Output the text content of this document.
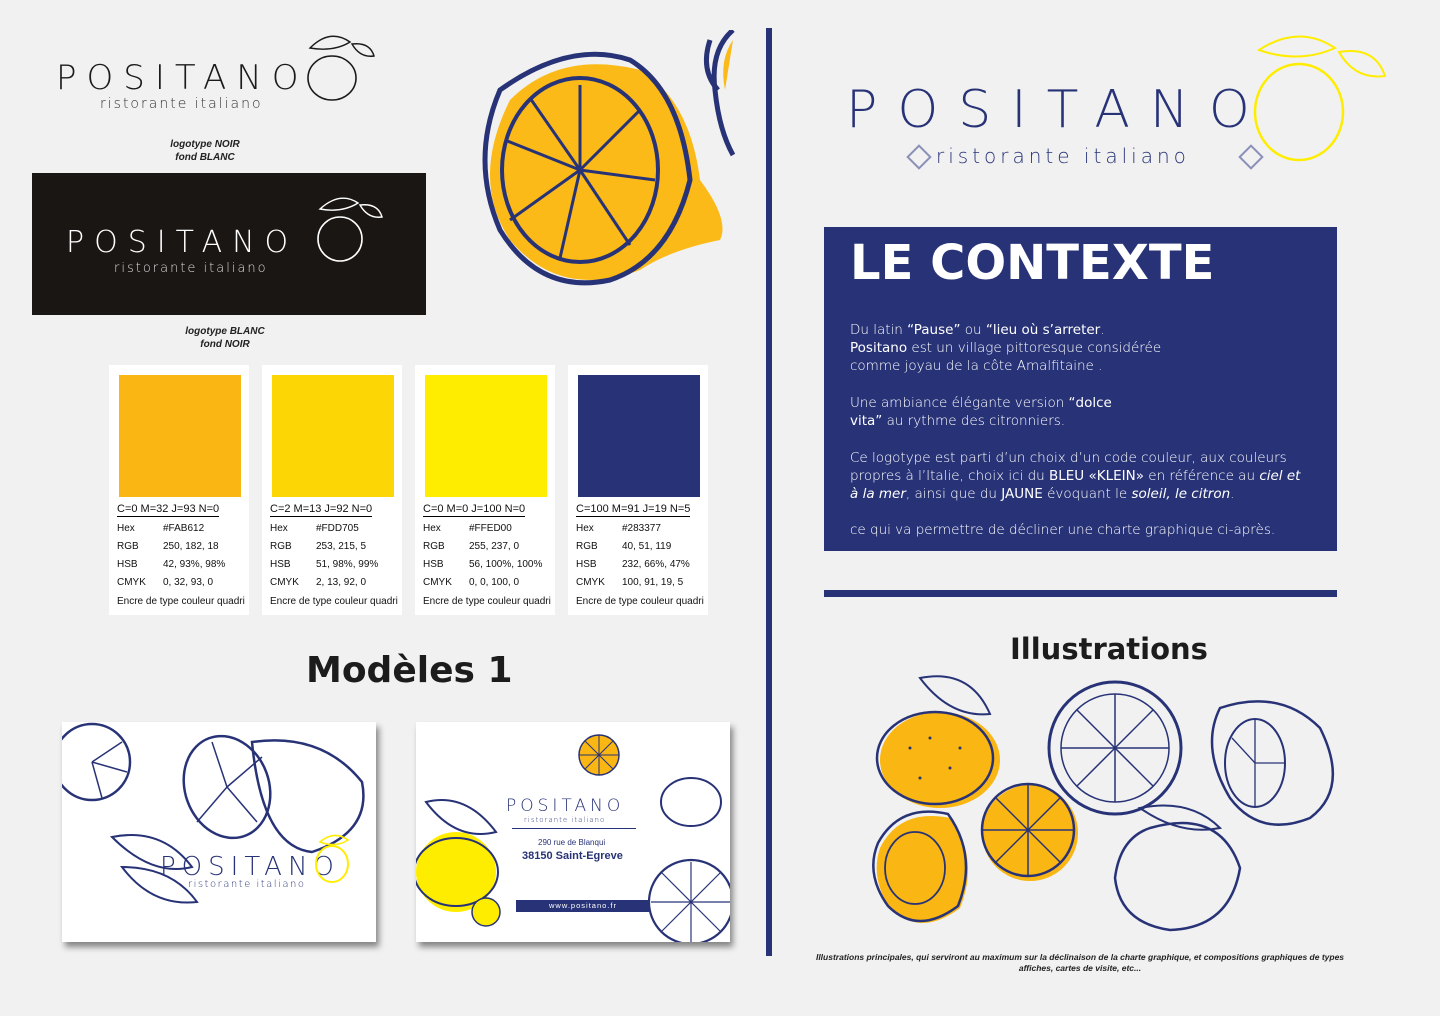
POSITANO
ristorante italiano
logotype NOIR
fond BLANC
POSITANO
ristorante italiano
logotype BLANC
fond NOIR
C=0 M=32 J=93 N=0
Hex	#FAB612
RGB 250, 182, 18
HSB	42, 93%, 98%
CMYK 0, 32, 93, 0
Encre de type couleur quadri
C=2 M=13 J=92 N=0
Hex	#FDD705
RGB 253, 215, 5
HSB	51, 98%, 99%
CMYK 2, 13, 92, 0
Encre de type couleur quadri
C=0 M=0 J=100 N=0
Hex	#FFED00
RGB 255, 237, 0
HSB	56, 100%, 100%
CMYK 0, 0, 100, 0
Encre de type couleur quadri
C=100 M=91 J=19 N=5
Hex	#283377
RGB 40, 51, 119
HSB	232, 66%, 47%
CMYK 100, 91, 19, 5
Encre de type couleur quadri
Modèles 1
POSITANO
ristorante italiano
POSITANO
ristorante italiano
290 rue de Blanqui
38150 Saint-Egreve
www.positano.fr
POSITANO
ristorante italiano
LE CONTEXTE

Du latin “Pause” ou “lieu où s’arreter.
Positano est un village pittoresque considérée
comme joyau de la côte Amalfitaine .

Une ambiance élégante version “dolce
vita” au rythme des citronniers.

Ce logotype est parti d’un choix d’un code couleur, aux couleurs
propres à l’Italie, choix ici du BLEU «KLEIN» en référence au ciel et
à la mer, ainsi que du JAUNE évoquant le soleil, le citron.

ce qui va permettre de décliner une charte graphique ci-après.

Illustrations
Illustrations principales, qui serviront au maximum sur la déclinaison de la charte graphique, et compositions graphiques de types
affiches, cartes de visite, etc...
